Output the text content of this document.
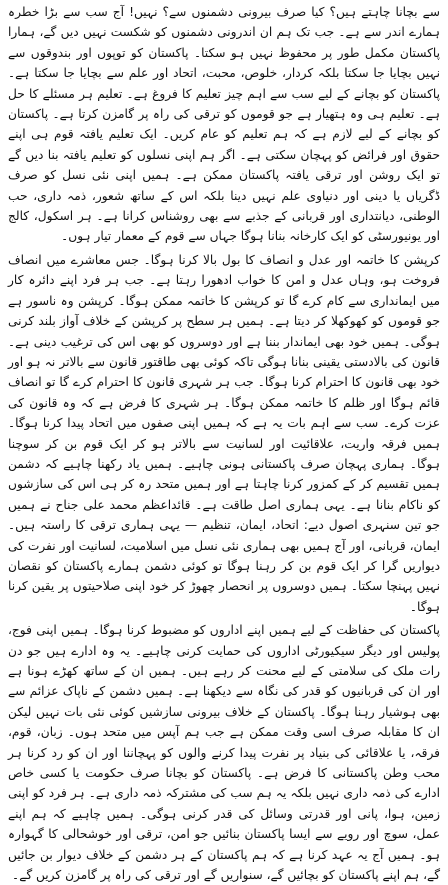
سے بچانا چاہتے ہیں؟ کیا صرف بیرونی دشمنوں سے؟ نہیں! آج سب سے بڑا خطرہ ہمارے اندر سے ہے۔ جب تک ہم ان اندرونی دشمنوں کو شکست نہیں دیں گے، ہمارا پاکستان مکمل طور پر محفوظ نہیں ہو سکتا۔ پاکستان کو توپوں اور بندوقوں سے نہیں بچایا جا سکتا بلکہ کردار، خلوص، محبت، اتحاد اور علم سے بچایا جا سکتا ہے۔ پاکستان کو بچانے کے لیے سب سے اہم چیز تعلیم کا فروغ ہے۔ تعلیم ہر مسئلے کا حل ہے۔ تعلیم ہی وہ ہتھیار ہے جو قوموں کو ترقی کی راہ پر گامزن کرتا ہے۔ پاکستان کو بچانے کے لیے لازم ہے کہ ہم تعلیم کو عام کریں۔ ایک تعلیم یافتہ قوم ہی اپنے حقوق اور فرائض کو پہچان سکتی ہے۔ اگر ہم اپنی نسلوں کو تعلیم یافتہ بنا دیں گے تو ایک روشن اور ترقی یافتہ پاکستان ممکن ہے۔ ہمیں اپنی نئی نسل کو صرف ڈگریاں یا دینی اور دنیاوی علم نہیں دینا بلکہ اس کے ساتھ شعور، ذمہ داری، حب الوطنی، دیانتداری اور قربانی کے جذبے سے بھی روشناس کرانا ہے۔ ہر اسکول، کالج اور یونیورسٹی کو ایک کارخانہ بنانا ہوگا جہاں سے قوم کے معمار تیار ہوں۔

کرپشن کا خاتمہ اور عدل و انصاف کا بول بالا کرنا ہوگا۔ جس معاشرے میں انصاف فروخت ہو، وہاں عدل و امن کا خواب ادھورا رہتا ہے۔ جب ہر فرد اپنے دائرہ کار میں ایمانداری سے کام کرے گا تو کرپشن کا خاتمہ ممکن ہوگا۔ کرپشن وہ ناسور ہے جو قوموں کو کھوکھلا کر دیتا ہے۔ ہمیں ہر سطح پر کرپشن کے خلاف آواز بلند کرنی ہوگی۔ ہمیں خود بھی ایماندار بننا ہے اور دوسروں کو بھی اس کی ترغیب دینی ہے۔ قانون کی بالادستی یقینی بنانا ہوگی تاکہ کوئی بھی طاقتور قانون سے بالاتر نہ ہو اور خود بھی قانون کا احترام کرنا ہوگا۔ جب ہر شہری قانون کا احترام کرے گا تو انصاف قائم ہوگا اور ظلم کا خاتمہ ممکن ہوگا۔ ہر شہری کا فرض ہے کہ وہ قانون کی عزت کرے۔ سب سے اہم بات یہ ہے کہ ہمیں اپنی صفوں میں اتحاد پیدا کرنا ہوگا۔ ہمیں فرقہ واریت، علاقائیت اور لسانیت سے بالاتر ہو کر ایک قوم بن کر سوچنا ہوگا۔ ہماری پہچان صرف پاکستانی ہونی چاہیے۔ ہمیں یاد رکھنا چاہیے کہ دشمن ہمیں تقسیم کر کے کمزور کرنا چاہتا ہے اور ہمیں متحد رہ کر ہی اس کی سازشوں کو ناکام بنانا ہے۔ یہی ہماری اصل طاقت ہے۔ قائداعظم محمد علی جناح نے ہمیں جو تین سنہری اصول دیے: اتحاد، ایمان، تنظیم — یہی ہماری ترقی کا راستہ ہیں۔ ایمان، قربانی، اور آج ہمیں بھی ہماری نئی نسل میں اسلامیت، لسانیت اور نفرت کی دیواریں گرا کر ایک قوم بن کر رہنا ہوگا تو کوئی دشمن ہمارے پاکستان کو نقصان نہیں پہنچا سکتا۔ ہمیں دوسروں پر انحصار چھوڑ کر خود اپنی صلاحیتوں پر یقین کرنا ہوگا۔

پاکستان کی حفاظت کے لیے ہمیں اپنے اداروں کو مضبوط کرنا ہوگا۔ ہمیں اپنی فوج، پولیس اور دیگر سیکیورٹی اداروں کی حمایت کرنی چاہیے۔ یہ وہ ادارے ہیں جو دن رات ملک کی سلامتی کے لیے محنت کر رہے ہیں۔ ہمیں ان کے ساتھ کھڑے ہونا ہے اور ان کی قربانیوں کو قدر کی نگاہ سے دیکھنا ہے۔ ہمیں دشمن کے ناپاک عزائم سے بھی ہوشیار رہنا ہوگا۔ پاکستان کے خلاف بیرونی سازشیں کوئی نئی بات نہیں لیکن ان کا مقابلہ صرف اسی وقت ممکن ہے جب ہم آپس میں متحد ہوں۔ زبان، قوم، فرقہ، یا علاقائی کی بنیاد پر نفرت پیدا کرنے والوں کو پہچاننا اور ان کو رد کرنا ہر محب وطن پاکستانی کا فرض ہے۔ پاکستان کو بچانا صرف حکومت یا کسی خاص ادارے کی ذمہ داری نہیں بلکہ یہ ہم سب کی مشترکہ ذمہ داری ہے۔ ہر فرد کو اپنی زمین، ہوا، پانی اور قدرتی وسائل کی قدر کرنی ہوگی۔ ہمیں چاہیے کہ ہم اپنے عمل، سوچ اور رویے سے ایسا پاکستان بنائیں جو امن، ترقی اور خوشحالی کا گہوارہ ہو۔ ہمیں آج یہ عہد کرنا ہے کہ ہم پاکستان کے ہر دشمن کے خلاف دیوار بن جائیں گے، ہم اپنے پاکستان کو بچائیں گے، سنواریں گے اور ترقی کی راہ پر گامزن کریں گے۔
